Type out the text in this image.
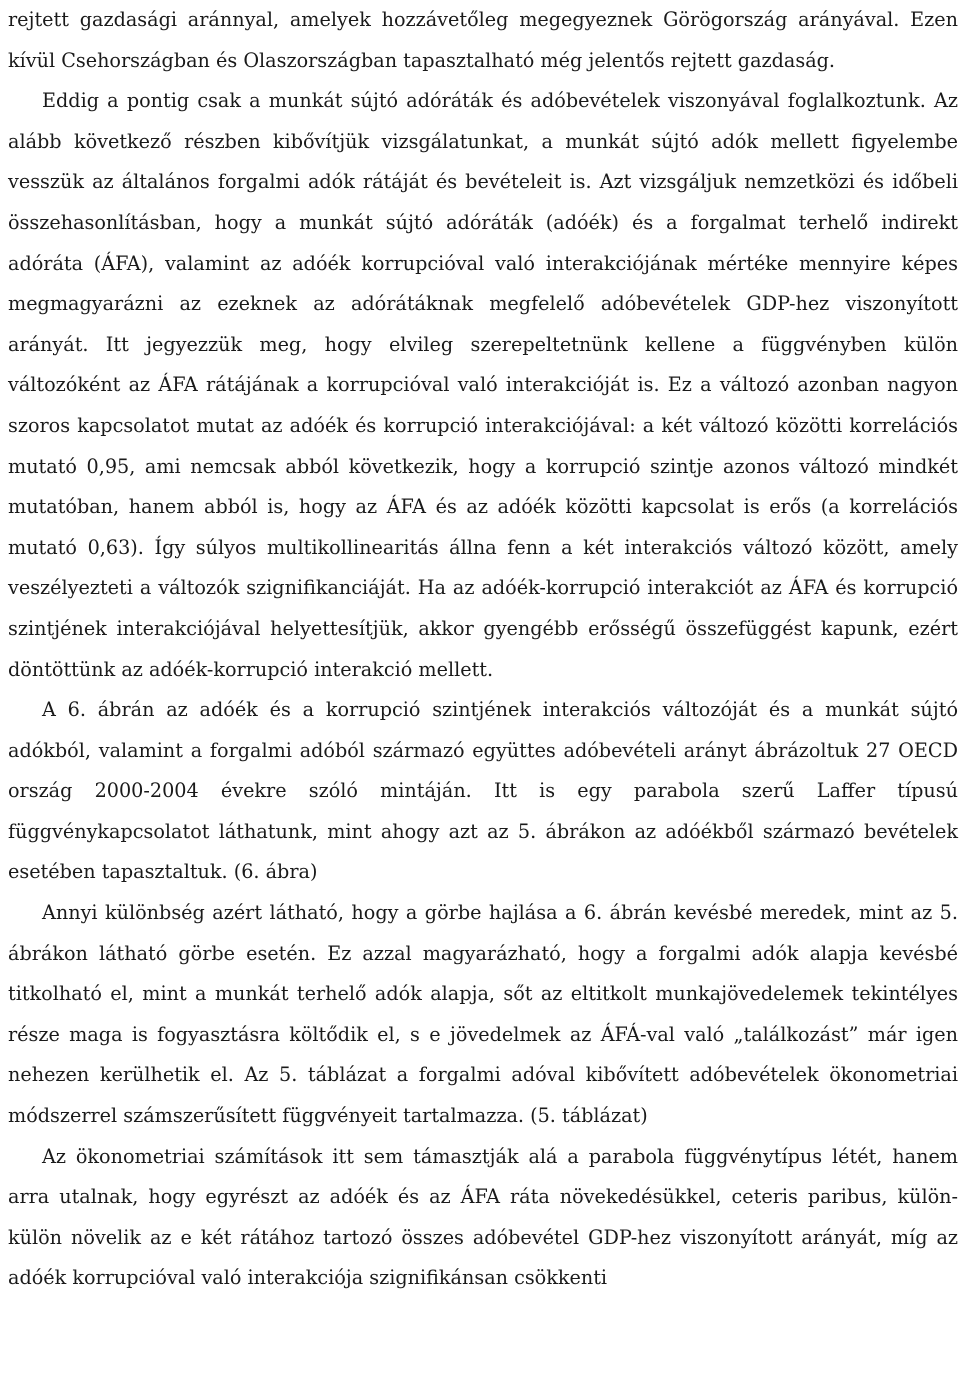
rejtett gazdasági aránnyal, amelyek hozzávetőleg megegyeznek Görögország arányával. Ezen kívül Csehországban és Olaszországban tapasztalható még jelentős rejtett gazdaság.

Eddig a pontig csak a munkát sújtó adóráták és adóbevételek viszonyával foglalkoztunk. Az alább következő részben kibővítjük vizsgálatunkat, a munkát sújtó adók mellett figyelembe vesszük az általános forgalmi adók rátáját és bevételeit is. Azt vizsgáljuk nemzetközi és időbeli összehasonlításban, hogy a munkát sújtó adóráták (adóék) és a forgalmat terhelő indirekt adóráta (ÁFA), valamint az adóék korrupcióval való interakciójának mértéke mennyire képes megmagyarázni az ezeknek az adórátáknak megfelelő adóbevételek GDP-hez viszonyított arányát. Itt jegyezzük meg, hogy elvileg szerepeltetnünk kellene a függvényben külön változóként az ÁFA rátájának a korrupcióval való interakcióját is. Ez a változó azonban nagyon szoros kapcsolatot mutat az adóék és korrupció interakciójával: a két változó közötti korrelációs mutató 0,95, ami nemcsak abból következik, hogy a korrupció szintje azonos változó mindkét mutatóban, hanem abból is, hogy az ÁFA és az adóék közötti kapcsolat is erős (a korrelációs mutató 0,63). Így súlyos multikollinearitás állna fenn a két interakciós változó között, amely veszélyezteti a változók szignifikanciáját. Ha az adóék-korrupció interakciót az ÁFA és korrupció szintjének interakciójával helyettesítjük, akkor gyengébb erősségű összefüggést kapunk, ezért döntöttünk az adóék-korrupció interakció mellett.

A 6. ábrán az adóék és a korrupció szintjének interakciós változóját és a munkát sújtó adókból, valamint a forgalmi adóból származó együttes adóbevételi arányt ábrázoltuk 27 OECD ország 2000-2004 évekre szóló mintáján. Itt is egy parabola szerű Laffer típusú függvénykapcsolatot láthatunk, mint ahogy azt az 5. ábrákon az adóékből származó bevételek esetében tapasztaltuk. (6. ábra)

Annyi különbség azért látható, hogy a görbe hajlása a 6. ábrán kevésbé meredek, mint az 5. ábrákon látható görbe esetén. Ez azzal magyarázható, hogy a forgalmi adók alapja kevésbé titkolható el, mint a munkát terhelő adók alapja, sőt az eltitkolt munkajövedelemek tekintélyes része maga is fogyasztásra költődik el, s e jövedelmek az ÁFÁ-val való „találkozást” már igen nehezen kerülhetik el. Az 5. táblázat a forgalmi adóval kibővített adóbevételek ökonometriai módszerrel számszerűsített függvényeit tartalmazza. (5. táblázat)

Az ökonometriai számítások itt sem támasztják alá a parabola függvénytípus létét, hanem arra utalnak, hogy egyrészt az adóék és az ÁFA ráta növekedésükkel, ceteris paribus, külön-külön növelik az e két rátához tartozó összes adóbevétel GDP-hez viszonyított arányát, míg az adóék korrupcióval való interakciója szignifikánsan csökkenti
